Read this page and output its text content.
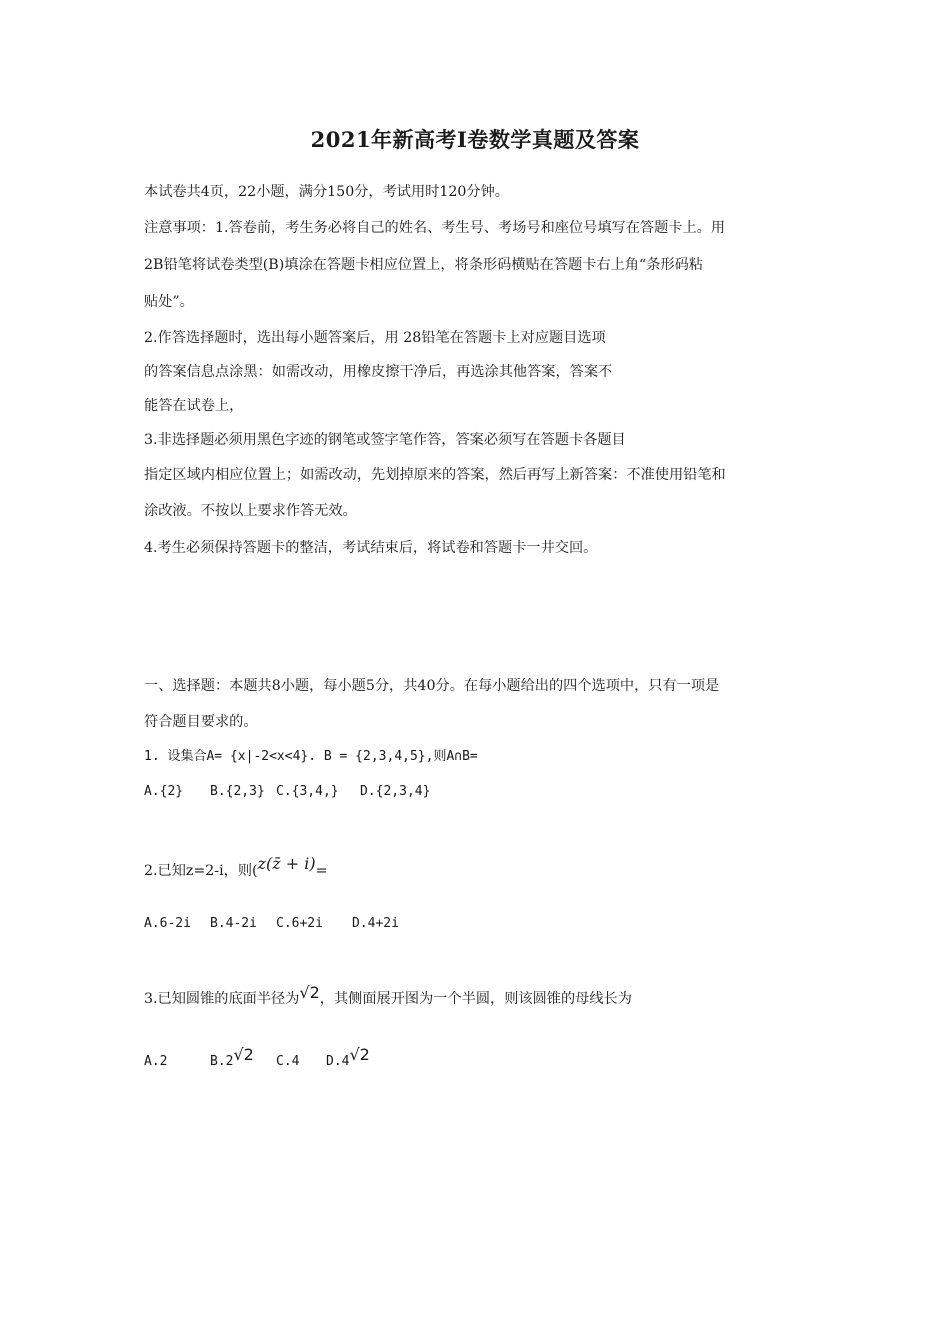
2021年新高考Ⅰ卷数学真题及答案
本试卷共4页，22小题，满分150分，考试用时120分钟。
注意事项：1.答卷前，考生务必将自己的姓名、考生号、考场号和座位号填写在答题卡上。用
2B铅笔将试卷类型(B)填涂在答题卡相应位置上，将条形码横贴在答题卡右上角“条形码粘
贴处”。
2.作答选择题时，选出每小题答案后，用 28铅笔在答题卡上对应题目选项
的答案信息点涂黑：如需改动，用橡皮擦干净后，再选涂其他答案，答案不
能答在试卷上，
3.非选择题必须用黑色字迹的钢笔或签字笔作答，答案必须写在答题卡各题目
指定区域内相应位置上；如需改动，先划掉原来的答案，然后再写上新答案：不准使用铅笔和
涂改液。不按以上要求作答无效。
4.考生必须保持答题卡的整洁，考试结束后，将试卷和答题卡一井交回。
一、选择题：本题共8小题，每小题5分，共40分。在每小题给出的四个选项中，只有一项是
符合题目要求的。
1. 设集合A= {x|-2<x<4}. B = {2,3,4,5},则A∩B=
A.{2} B.{2,3} C.{3,4,} D.{2,3,4}
2.已知z=2-i，则(z(z̄ + i)=
A.6-2i B.4-2i C.6+2i D.4+2i
3.已知圆锥的底面半径为√2，其侧面展开图为一个半圆，则该圆锥的母线长为
A.2	B.2√2 C.4 D.4√2
